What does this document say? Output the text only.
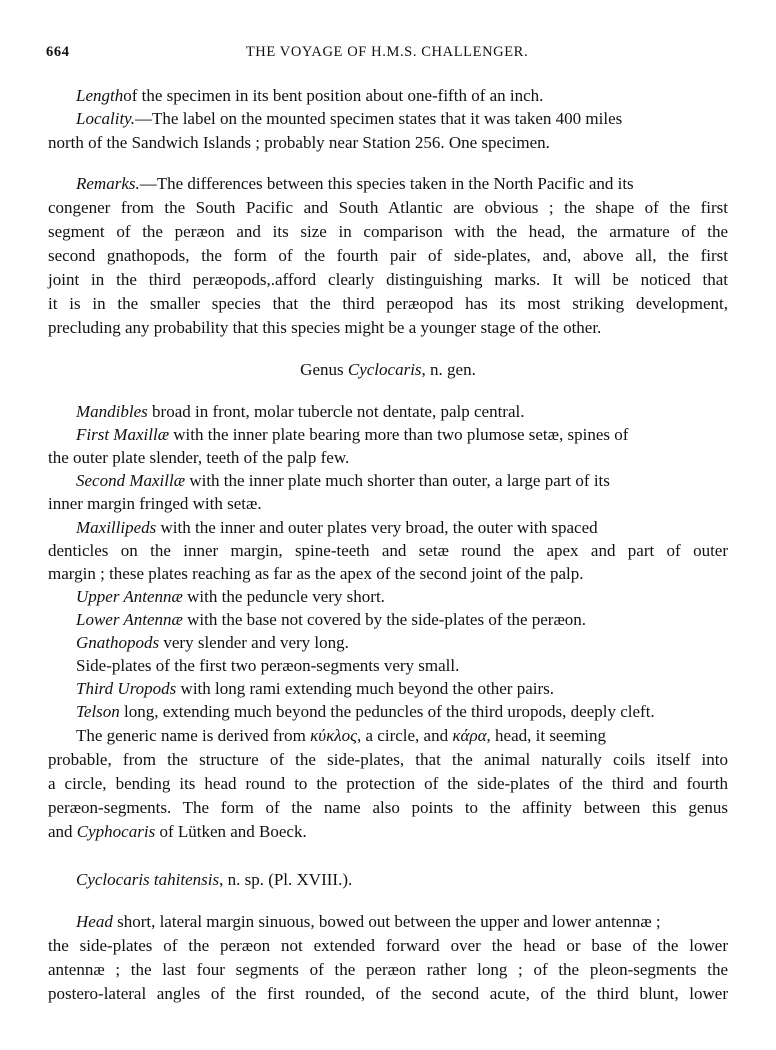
664	THE VOYAGE OF H.M.S. CHALLENGER.
Lengthof the specimen in its bent position about one-fifth of an inch.
Locality.—The label on the mounted specimen states that it was taken 400 miles
north of the Sandwich Islands ; probably near Station 256. One specimen.
Remarks.—The differences between this species taken in the North Pacific and its
congener from the South Pacific and South Atlantic are obvious ; the shape of the first
segment of the peræon and its size in comparison with the head, the armature of the
second gnathopods, the form of the fourth pair of side-plates, and, above all, the first
joint in the third peræopods,.afford clearly distinguishing marks. It will be noticed that
it is in the smaller species that the third peræopod has its most striking development,
precluding any probability that this species might be a younger stage of the other.
Genus Cyclocaris, n. gen.
Mandibles broad in front, molar tubercle not dentate, palp central.
First Maxillæ with the inner plate bearing more than two plumose setæ, spines of
the outer plate slender, teeth of the palp few.
Second Maxillæ with the inner plate much shorter than outer, a large part of its
inner margin fringed with setæ.
Maxillipeds with the inner and outer plates very broad, the outer with spaced
denticles on the inner margin, spine-teeth and setæ round the apex and part of outer
margin ; these plates reaching as far as the apex of the second joint of the palp.
Upper Antennæ with the peduncle very short.
Lower Antennæ with the base not covered by the side-plates of the peræon.
Gnathopods very slender and very long.
Side-plates of the first two peræon-segments very small.
Third Uropods with long rami extending much beyond the other pairs.
Telson long, extending much beyond the peduncles of the third uropods, deeply cleft.
The generic name is derived from κύκλος, a circle, and κάρα, head, it seeming
probable, from the structure of the side-plates, that the animal naturally coils itself into
a circle, bending its head round to the protection of the side-plates of the third and fourth
peræon-segments. The form of the name also points to the affinity between this genus
and Cyphocaris of Lütken and Boeck.
Cyclocaris tahitensis, n. sp. (Pl. XVIII.).
Head short, lateral margin sinuous, bowed out between the upper and lower antennæ ;
the side-plates of the peræon not extended forward over the head or base of the lower
antennæ ; the last four segments of the peræon rather long ; of the pleon-segments the
postero-lateral angles of the first rounded, of the second acute, of the third blunt, lower
